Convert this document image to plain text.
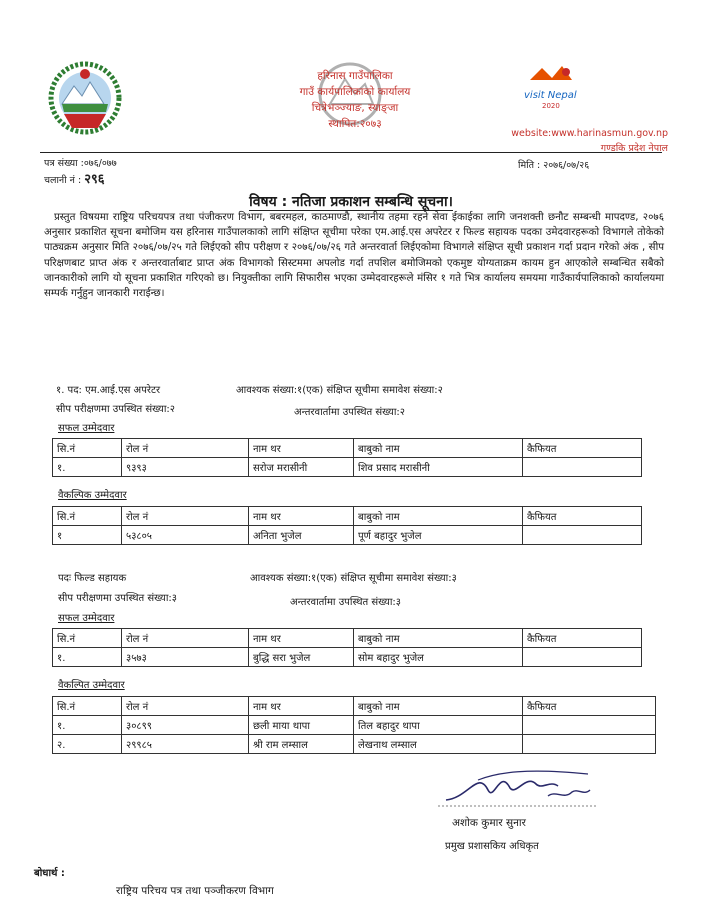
हरिनास गाउँपालिका
गाउँ कार्यपालिकाको कार्यालय
चित्रेभञ्ज्याङ, स्याङ्जा
स्थापित:२०७३
visit Nepal
2020
website:www.harinasmun.gov.np
गण्डकि प्रदेश नेपाल
पत्र संख्या :०७६/०७७
चलानी नं : २९६
मिति : २०७६/०७/२६
विषय : नतिजा प्रकाशन सम्बन्धि सूचना।

प्रस्तुत विषयमा राष्ट्रिय परिचयपत्र तथा पंजीकरण विभाग, बबरमहल, काठमाण्डौ, स्थानीय तहमा रहने सेवा ईकाईका लागि जनशक्ती छनौट सम्बन्धी मापदण्ड, २०७६ अनुसार प्रकाशित सूचना बमोजिम यस हरिनास गाउँपालकाको लागि संक्षिप्त सूचीमा परेका एम.आई.एस अपरेटर र फिल्ड सहायक पदका उमेदवारहरूको विभागले तोकेको पाठ्यक्रम अनुसार मिति २०७६/०७/२५ गते लिईएको सीप परीक्षण र २०७६/०७/२६ गते अन्तरवार्ता लिईएकोमा विभागले संक्षिप्त सूची प्रकाशन गर्दा प्रदान गरेको अंक , सीप परिक्षणबाट प्राप्त अंक र अन्तरवार्ताबाट प्राप्त अंक विभागको सिस्टममा अपलोड गर्दा तपशिल बमोजिमको एकमुष्ट योग्यताक्रम कायम हुन आएकोले सम्बन्धित सबैको जानकारीको लागि यो सूचना प्रकाशित गरिएको छ। नियुक्तीका लागि सिफारीस भएका उम्मेदवारहरूले मंसिर १ गते भित्र कार्यालय समयमा गाउँकार्यपालिकाको कार्यालयमा सम्पर्क गर्नुहुन जानकारी गराईन्छ।

१. पद: एम.आई.एस अपरेटर	आवश्यक संख्या:१(एक) संक्षिप्त सूचीमा समावेश संख्या:२
सीप परीक्षणमा उपस्थित संख्या:२	अन्तरवार्तामा उपस्थित संख्या:२
सफल उम्मेदवार
सि.नं	रोल नं	नाम थर	बाबुको नाम	कैफियत
१.	९३९३	सरोज मरासीनी	शिव प्रसाद मरासीनी	
वैकल्पिक उम्मेदवार
सि.नं	रोल नं	नाम थर	बाबुको नाम	कैफियत
१	५३८०५	अनिता भुजेल	पूर्ण बहादुर भुजेल	
पदः फिल्ड सहायक	आवश्यक संख्या:१(एक) संक्षिप्त सूचीमा समावेश संख्या:३
सीप परीक्षणमा उपस्थित संख्या:३	अन्तरवार्तामा उपस्थित संख्या:३
सफल उम्मेदवार
सि.नं	रोल नं	नाम थर	बाबुको नाम	कैफियत
१.	३५७३	बुद्धि सरा भुजेल	सोम बहादुर भुजेल	
वैकल्पित उम्मेदवार
सि.नं	रोल नं	नाम थर	बाबुको नाम	कैफियत
१.	३०८९९	छली माया थापा	तिल बहादुर थापा	
२.	२९९८५	श्री राम लम्साल	लेखनाथ लम्साल	
अशोक कुमार सुनार
प्रमुख प्रशासकिय अधिकृत
बोधार्थ :
राष्ट्रिय परिचय पत्र तथा पञ्जीकरण विभाग
